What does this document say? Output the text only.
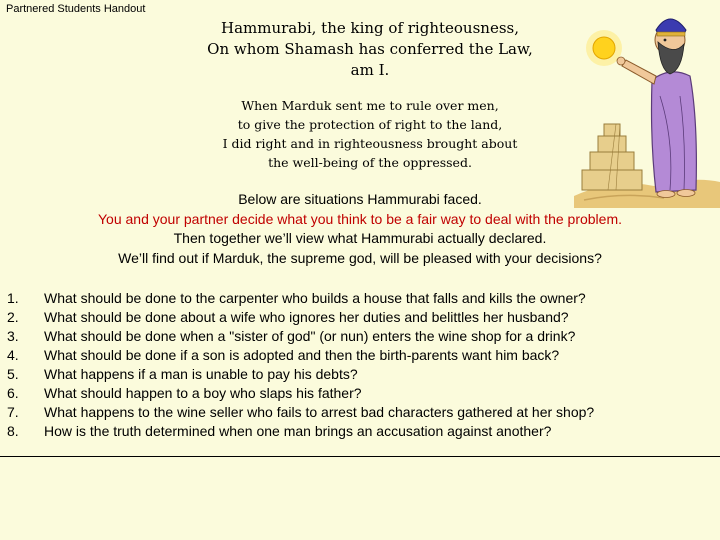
Partnered Students Handout
Hammurabi, the king of righteousness,
On whom Shamash has conferred the Law,
am I.
When Marduk sent me to rule over men,
to give the protection of right to the land,
I did right and in righteousness brought about
the well-being of the oppressed.
Below are situations Hammurabi faced.
You and your partner decide what you think to be a fair way to deal with the problem.
Then together we’ll view what Hammurabi actually declared.
We’ll find out if Marduk, the supreme god, will be pleased with your decisions?
1. What should be done to the carpenter who builds a house that falls and kills the owner?
2. What should be done about a wife who ignores her duties and belittles her husband?
3. What should be done when a "sister of god" (or nun) enters the wine shop for a drink?
4. What should be done if a son is adopted and then the birth-parents want him back?
5. What happens if a man is unable to pay his debts?
6. What should happen to a boy who slaps his father?
7. What happens to the wine seller who fails to arrest bad characters gathered at her shop?
8. How is the truth determined when one man brings an accusation against another?
